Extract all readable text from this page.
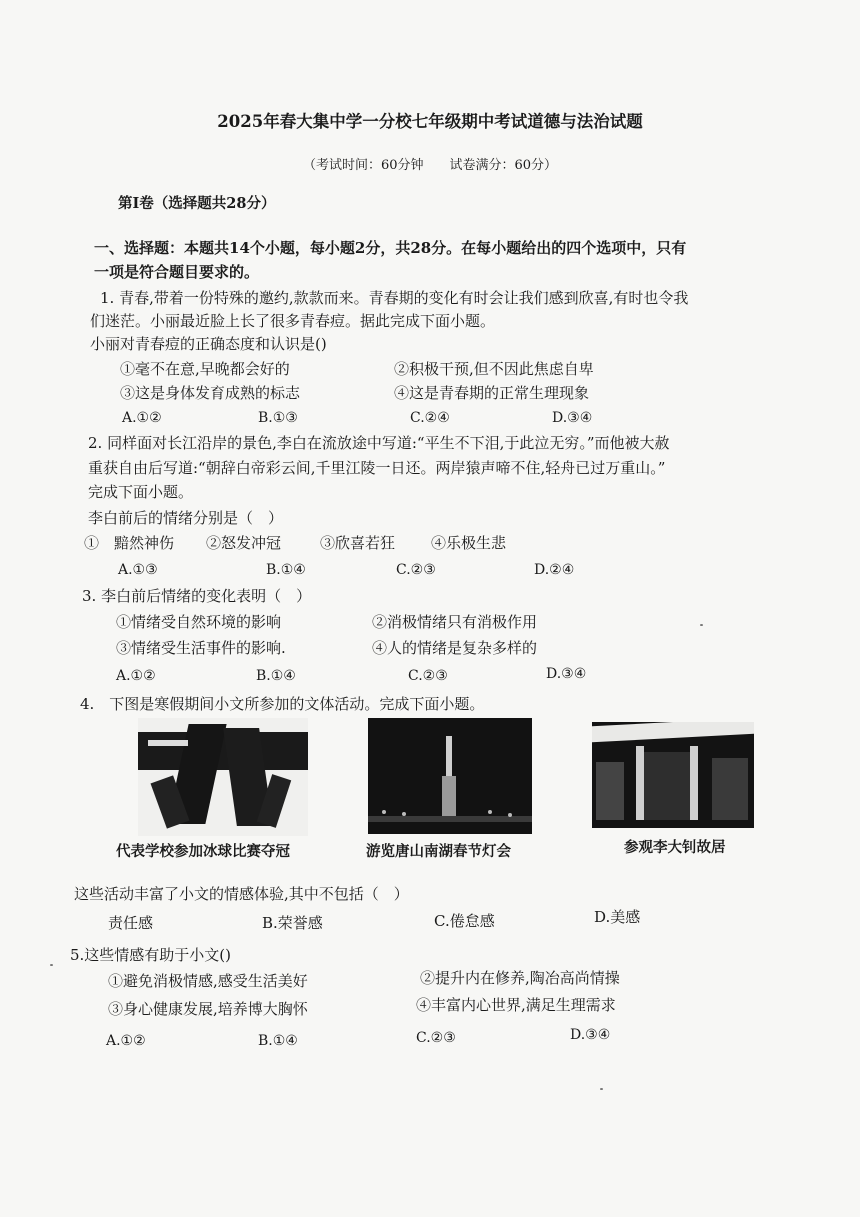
2025年春大集中学一分校七年级期中考试道德与法治试题
（考试时间：60分钟　　试卷满分：60分）
第Ⅰ卷（选择题共28分）
一、选择题：本题共14个小题，每小题2分，共28分。在每小题给出的四个选项中，只有
一项是符合题目要求的。
1. 青春,带着一份特殊的邀约,款款而来。青春期的变化有时会让我们感到欣喜,有时也令我
们迷茫。小丽最近脸上长了很多青春痘。据此完成下面小题。
小丽对青春痘的正确态度和认识是()
①毫不在意,早晚都会好的	②积极干预,但不因此焦虑自卑
③这是身体发育成熟的标志	④这是青春期的正常生理现象
A.①②	B.①③	C.②④	D.③④
2. 同样面对长江沿岸的景色,李白在流放途中写道:“平生不下泪,于此泣无穷。”而他被大赦
重获自由后写道:“朝辞白帝彩云间,千里江陵一日还。两岸猿声啼不住,轻舟已过万重山。”
完成下面小题。
李白前后的情绪分别是（　）
①　黯然神伤 ②怒发冲冠	③欣喜若狂 ④乐极生悲
A.①③	B.①④	C.②③	D.②④
3. 李白前后情绪的变化表明（　）
①情绪受自然环境的影响	②消极情绪只有消极作用
③情绪受生活事件的影响.	④人的情绪是复杂多样的
A.①②	B.①④	C.②③	D.③④
4.　下图是寒假期间小文所参加的文体活动。完成下面小题。
代表学校参加冰球比赛夺冠	游览唐山南湖春节灯会	参观李大钊故居
这些活动丰富了小文的情感体验,其中不包括（　）
责任感	B.荣誉感	C.倦怠感	D.美感
5.这些情感有助于小文()
①避免消极情感,感受生活美好	②提升内在修养,陶冶高尚情操
③身心健康发展,培养博大胸怀	④丰富内心世界,满足生理需求
A.①②	B.①④	C.②③	D.③④
